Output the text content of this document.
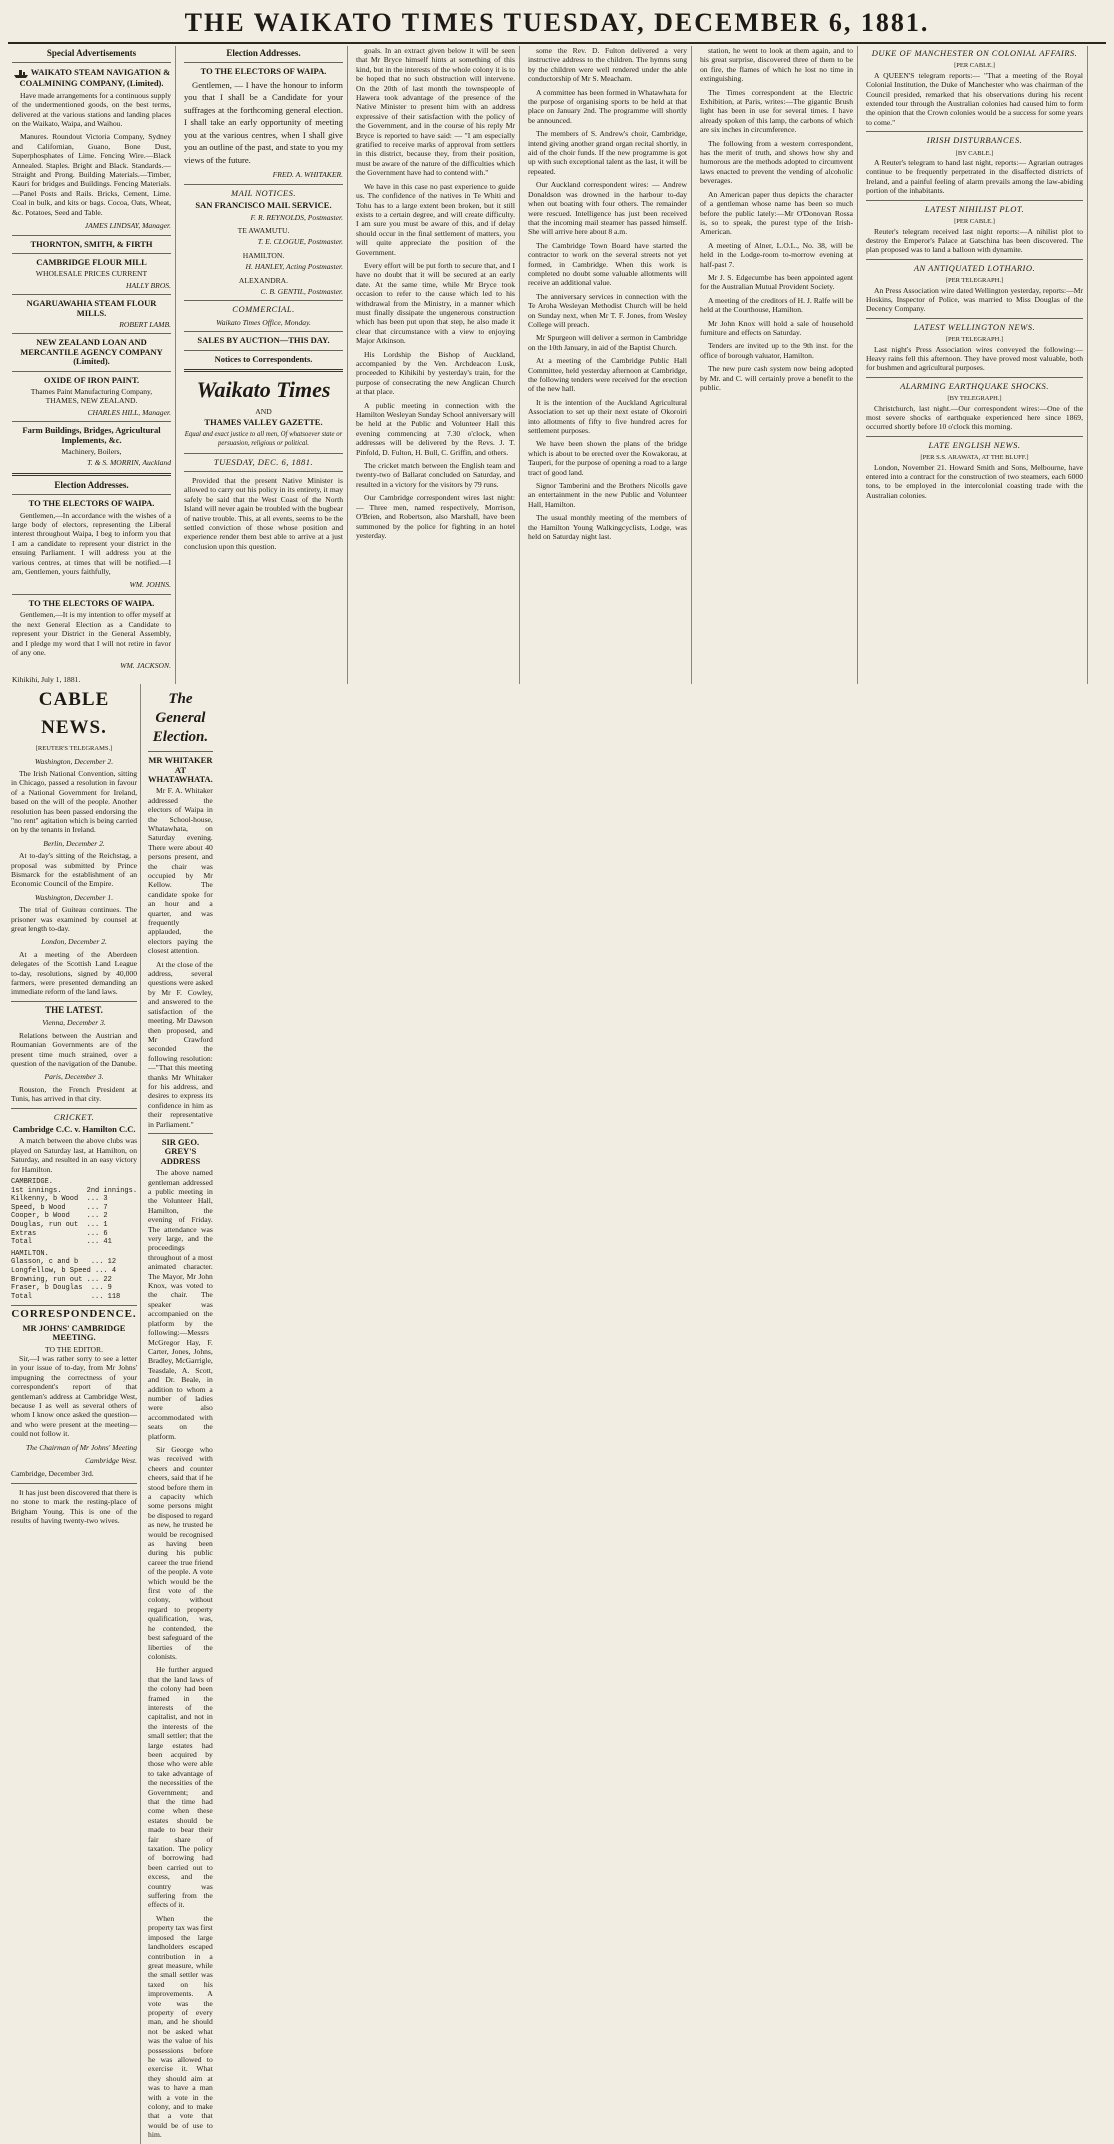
THE WAIKATO TIMES TUESDAY, DECEMBER 6, 1881.
Special Advertisements
WAIKATO STEAM NAVIGATION & COALMINING COMPANY, (Limited).

Have made arrangements for a continuous supply of the undermentioned goods, on the best terms, delivered at the various stations and landing places on the Waikato, Waipa, and Waihou.

Manures. Roundout Victoria Company, Sydney and Californian, Guano, Bone Dust, Superphosphates of Lime. Fencing Wire.—Black Annealed. Staples. Bright and Black. Standards.—Straight and Prong. Building Materials.—Timber, Kauri for bridges and Buildings. Fencing Materials.—Panel Posts and Rails. Bricks, Cement, Lime. Coal in bulk, and kits or bags. Cocoa, Oats, Wheat, &c. Potatoes, Seed and Table.

JAMES LINDSAY, Manager.
THORNTON, SMITH, & FIRTH
CAMBRIDGE FLOUR MILL
WHOLESALE PRICES CURRENT
HALLY BROS.
NGARUAWAHIA STEAM FLOUR MILLS.
ROBERT LAMB.
NEW ZEALAND LOAN AND MERCANTILE AGENCY COMPANY (Limited).
OXIDE OF IRON PAINT.
Thames Paint Manufacturing Company,
THAMES, NEW ZEALAND.
CHARLES HILL, Manager.
Farm Buildings, Bridges, Agricultural Implements, &c.
Machinery, Boilers,
T. & S. MORRIN, Auckland
Election Addresses.
TO THE ELECTORS OF WAIPA.

Gentlemen,—In accordance with the wishes of a large body of electors, representing the Liberal interest throughout Waipa, I beg to inform you that I am a candidate to represent your district in the ensuing Parliament. I will address you at the various centres, at times that will be notified.—I am, Gentlemen, yours faithfully,

WM. JOHNS.
TO THE ELECTORS OF WAIPA.

Gentlemen,—It is my intention to offer myself at the next General Election as a Candidate to represent your District in the General Assembly, and I pledge my word that I will not retire in favor of any one.

WM. JACKSON.
Kihikihi, July 1, 1881.
Election Addresses.
TO THE ELECTORS OF WAIPA.

Gentlemen, — I have the honour to inform you that I shall be a Candidate for your suffrages at the forthcoming general election. I shall take an early opportunity of meeting you at the various centres, when I shall give you an outline of the past, and state to you my views of the future.

FRED. A. WHITAKER.
MAIL NOTICES.
SAN FRANCISCO MAIL SERVICE.
F. R. REYNOLDS, Postmaster.
TE AWAMUTU.
T. E. CLOGUE, Postmaster.
HAMILTON.
H. HANLEY, Acting Postmaster.
ALEXANDRA.
C. B. GENTIL, Postmaster.
COMMERCIAL.
Waikato Times Office, Monday.
SALES BY AUCTION—THIS DAY.
Notices to Correspondents.
Waikato Times
AND
THAMES VALLEY GAZETTE.
Equal and exact justice to all men, Of whatsoever state or persuasion, religious or political.
TUESDAY, DEC. 6, 1881.

Provided that the present Native Minister is allowed to carry out his policy in its entirety, it may safely be said that the West Coast of the North Island will never again be troubled with the bugbear of native trouble. This, at all events, seems to be the settled conviction of those whose position and experience render them best able to arrive at a just conclusion upon this question.

goals. In an extract given below it will be seen that Mr Bryce himself hints at something of this kind, but in the interests of the whole colony it is to be hoped that no such obstruction will intervene. On the 20th of last month the townspeople of Hawera took advantage of the presence of the Native Minister to present him with an address expressive of their satisfaction with the policy of the Government, and in the course of his reply Mr Bryce is reported to have said: — "I am especially gratified to receive marks of approval from settlers in this district, because they, from their position, must be aware of the nature of the difficulties which the Government have had to contend with."

We have in this case no past experience to guide us. The confidence of the natives in Te Whiti and Tohu has to a large extent been broken, but it still exists to a certain degree, and will create difficulty. I am sure you must be aware of this, and if delay should occur in the final settlement of matters, you will quite appreciate the position of the Government.

Every effort will be put forth to secure that, and I have no doubt that it will be secured at an early date. At the same time, while Mr Bryce took occasion to refer to the cause which led to his withdrawal from the Ministry, in a manner which must finally dissipate the ungenerous construction which has been put upon that step, he also made it clear that circumstance with a view to enjoying Major Atkinson.

His Lordship the Bishop of Auckland, accompanied by the Ven. Archdeacon Lusk, proceeded to Kihikihi by yesterday's train, for the purpose of consecrating the new Anglican Church at that place.

A public meeting in connection with the Hamilton Wesleyan Sunday School anniversary will be held at the Public and Volunteer Hall this evening commencing at 7.30 o'clock, when addresses will be delivered by the Revs. J. T. Pinfold, D. Fulton, H. Bull, C. Griffin, and others.

The cricket match between the English team and twenty-two of Ballarat concluded on Saturday, and resulted in a victory for the visitors by 79 runs.

Our Cambridge correspondent wires last night: — Three men, named respectively, Morrison, O'Brien, and Robertson, also Marshall, have been summoned by the police for fighting in an hotel yesterday.

some the Rev. D. Fulton delivered a very instructive address to the children. The hymns sung by the children were well rendered under the able conductorship of Mr S. Meacham.

A committee has been formed in Whatawhata for the purpose of organising sports to be held at that place on January 2nd. The programme will shortly be announced.

The members of S. Andrew's choir, Cambridge, intend giving another grand organ recital shortly, in aid of the choir funds. If the new programme is got up with such exceptional talent as the last, it will be repeated.

Our Auckland correspondent wires: — Andrew Donaldson was drowned in the harbour to-day when out boating with four others. The remainder were rescued. Intelligence has just been received that the incoming mail steamer has passed himself. She will arrive here about 8 a.m.

The Cambridge Town Board have started the contractor to work on the several streets not yet formed, in Cambridge. When this work is completed no doubt some valuable allotments will receive an additional value.

The anniversary services in connection with the Te Aroha Wesleyan Methodist Church will be held on Sunday next, when Mr T. F. Jones, from Wesley College will preach.

Mr Spurgeon will deliver a sermon in Cambridge on the 10th January, in aid of the Baptist Church.

At a meeting of the Cambridge Public Hall Committee, held yesterday afternoon at Cambridge, the following tenders were received for the erection of the new hall.

It is the intention of the Auckland Agricultural Association to set up their next estate of Okoroiri into allotments of fifty to five hundred acres for settlement purposes.

We have been shown the plans of the bridge which is about to be erected over the Kowakorau, at Tauperi, for the purpose of opening a road to a large tract of good land.

Signor Tamberini and the Brothers Nicolls gave an entertainment in the new Public and Volunteer Hall, Hamilton.

The usual monthly meeting of the members of the Hamilton Young Walkingcyclists, Lodge, was held on Saturday night last.

station, he went to look at them again, and to his great surprise, discovered three of them to be on fire, the flames of which he lost no time in extinguishing.

The Times correspondent at the Electric Exhibition, at Paris, writes:—The gigantic Brush light has been in use for several times. I have already spoken of this lamp, the carbons of which are six inches in circumference.

The following from a western correspondent, has the merit of truth, and shows how shy and humorous are the methods adopted to circumvent laws enacted to prevent the vending of alcoholic beverages.

An American paper thus depicts the character of a gentleman whose name has been so much before the public lately:—Mr O'Donovan Rossa is, so to speak, the purest type of the Irish-American.

A meeting of Alner, L.O.L., No. 38, will be held in the Lodge-room to-morrow evening at half-past 7.

Mr J. S. Edgecumbe has been appointed agent for the Australian Mutual Provident Society.

A meeting of the creditors of H. J. Ralfe will be held at the Courthouse, Hamilton.

Mr John Knox will hold a sale of household furniture and effects on Saturday.

Tenders are invited up to the 9th inst. for the office of borough valuator, Hamilton.

The new pure cash system now being adopted by Mr. and C. will certainly prove a benefit to the public.

DUKE OF MANCHESTER ON COLONIAL AFFAIRS.
[PER CABLE.]

A QUEEN'S telegram reports:— "That a meeting of the Royal Colonial Institution, the Duke of Manchester who was chairman of the Council presided, remarked that his observations during his recent extended tour through the Australian colonies had caused him to form the opinion that the Crown colonies would be a success for some years to come."

IRISH DISTURBANCES.
[BY CABLE.]

A Reuter's telegram to hand last night, reports:— Agrarian outrages continue to be frequently perpetrated in the disaffected districts of Ireland, and a painful feeling of alarm prevails among the law-abiding portion of the inhabitants.

LATEST NIHILIST PLOT.
[PER CABLE.]

Reuter's telegram received last night reports:—A nihilist plot to destroy the Emperor's Palace at Gatschina has been discovered. The plan proposed was to land a balloon with dynamite.

AN ANTIQUATED LOTHARIO.
[PER TELEGRAPH.]

An Press Association wire dated Wellington yesterday, reports:—Mr Hoskins, Inspector of Police, was married to Miss Douglas of the Decency Company.

LATEST WELLINGTON NEWS.
[PER TELEGRAPH.]

Last night's Press Association wires conveyed the following:— Heavy rains fell this afternoon. They have proved most valuable, both for bushmen and agricultural purposes.

ALARMING EARTHQUAKE SHOCKS.
[BY TELEGRAPH.]

Christchurch, last night.—Our correspondent wires:—One of the most severe shocks of earthquake experienced here since 1869, occurred shortly before 10 o'clock this morning.

LATE ENGLISH NEWS.
[PER S.S. ARAWATA, AT THE BLUFF.]

London, November 21. Howard Smith and Sons, Melbourne, have entered into a contract for the construction of two steamers, each 6000 tons, to be employed in the intercolonial coasting trade with the Australian colonies.

CABLE NEWS.
[REUTER'S TELEGRAMS.]
Washington, December 2.

The Irish National Convention, sitting in Chicago, passed a resolution in favour of a National Government for Ireland, based on the will of the people. Another resolution has been passed endorsing the "no rent" agitation which is being carried on by the tenants in Ireland.

Berlin, December 2.

At to-day's sitting of the Reichstag, a proposal was submitted by Prince Bismarck for the establishment of an Economic Council of the Empire.

Washington, December 1.

The trial of Guiteau continues. The prisoner was examined by counsel at great length to-day.

London, December 2.

At a meeting of the Aberdeen delegates of the Scottish Land League to-day, resolutions, signed by 40,000 farmers, were presented demanding an immediate reform of the land laws.

THE LATEST.
Vienna, December 3.

Relations between the Austrian and Roumanian Governments are of the present time much strained, over a question of the navigation of the Danube.

Paris, December 3.

Rouston, the French President at Tunis, has arrived in that city.

CRICKET.
Cambridge C.C. v. Hamilton C.C.

A match between the above clubs was played on Saturday last, at Hamilton, on Saturday, and resulted in an easy victory for Hamilton.

CAMBRIDGE.
1st innings.      2nd innings.
Kilkenny, b Wood  ... 3
Speed, b Wood     ... 7
Cooper, b Wood    ... 2
Douglas, run out  ... 1
Extras            ... 6
Total             ... 41
HAMILTON.
Glasson, c and b   ... 12
Longfellow, b Speed ... 4
Browning, run out ... 22
Fraser, b Douglas  ... 9
Total              ... 118
CORRESPONDENCE.
MR JOHNS' CAMBRIDGE MEETING.
TO THE EDITOR.

Sir,—I was rather sorry to see a letter in your issue of to-day, from Mr Johns' impugning the correctness of your correspondent's report of that gentleman's address at Cambridge West, because I as well as several others of whom I know once asked the question—and who were present at the meeting—could not follow it.

The Chairman of Mr Johns' Meeting
Cambridge West.
Cambridge, December 3rd.

It has just been discovered that there is no stone to mark the resting-place of Brigham Young. This is one of the results of having twenty-two wives.

The General Election.
MR WHITAKER AT WHATAWHATA.

Mr F. A. Whitaker addressed the electors of Waipa in the School-house, Whatawhata, on Saturday evening. There were about 40 persons present, and the chair was occupied by Mr Kellow. The candidate spoke for an hour and a quarter, and was frequently applauded, the electors paying the closest attention.

At the close of the address, several questions were asked by Mr F. Cowley, and answered to the satisfaction of the meeting. Mr Dawson then proposed, and Mr Crawford seconded the following resolution:—"That this meeting thanks Mr Whitaker for his address, and desires to express its confidence in him as their representative in Parliament."

SIR GEO. GREY'S ADDRESS

The above named gentleman addressed a public meeting in the Volunteer Hall, Hamilton, the evening of Friday. The attendance was very large, and the proceedings throughout of a most animated character. The Mayor, Mr John Knox, was voted to the chair. The speaker was accompanied on the platform by the following:—Messrs McGregor Hay, F. Carter, Jones, Johns, Bradley, McGarrigle, Teasdale, A. Scott, and Dr. Beale, in addition to whom a number of ladies were also accommodated with seats on the platform.

Sir George who was received with cheers and counter cheers, said that if he stood before them in a capacity which some persons might be disposed to regard as new, he trusted he would be recognised as having been during his public career the true friend of the people. A vote which would be the first vote of the colony, without regard to property qualification, was, he contended, the best safeguard of the liberties of the colonists.

He further argued that the land laws of the colony had been framed in the interests of the capitalist, and not in the interests of the small settler; that the large estates had been acquired by those who were able to take advantage of the necessities of the Government; and that the time had come when these estates should be made to bear their fair share of taxation. The policy of borrowing had been carried out to excess, and the country was suffering from the effects of it.

When the property tax was first imposed the large landholders escaped contribution in a great measure, while the small settler was taxed on his improvements. A vote was the property of every man, and he should not be asked what was the value of his possessions before he was allowed to exercise it. What they should aim at was to have a man with a vote in the colony, and to make that a vote that would be of use to him.
